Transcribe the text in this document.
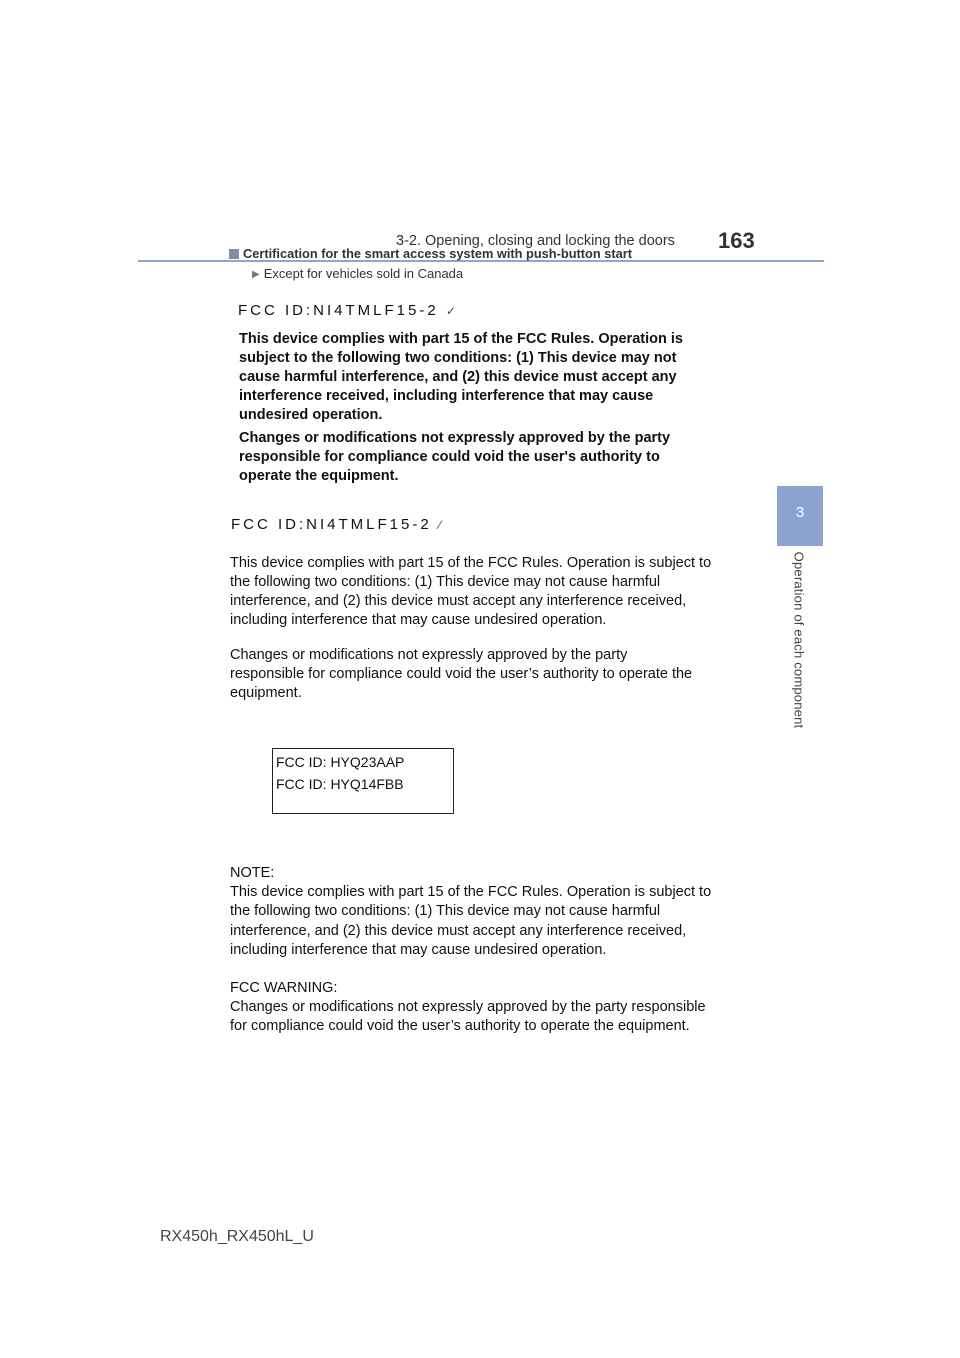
3-2. Opening, closing and locking the doors 163
3
Operation of each component
Certification for the smart access system with push-button start
▶ Except for vehicles sold in Canada
FCC ID:NI4TMLF15-2 ✓

This device complies with part 15 of the FCC Rules. Operation is subject to the following two conditions: (1) This device may not cause harmful interference, and (2) this device must accept any interference received, including interference that may cause undesired operation.

Changes or modifications not expressly approved by the party responsible for compliance could void the user's authority to operate the equipment.

FCC ID:NI4TMLF15-2 ⁄

This device complies with part 15 of the FCC Rules. Operation is subject to the following two conditions: (1) This device may not cause harmful interference, and (2) this device must accept any interference received, including interference that may cause undesired operation.

Changes or modifications not expressly approved by the party responsible for compliance could void the user’s authority to operate the equipment.

FCC ID: HYQ23AAP
FCC ID: HYQ14FBB

NOTE:

This device complies with part 15 of the FCC Rules. Operation is subject to the following two conditions: (1) This device may not cause harmful interference, and (2) this device must accept any interference received, including interference that may cause undesired operation.

FCC WARNING:

Changes or modifications not expressly approved by the party responsible for compliance could void the user’s authority to operate the equipment.

RX450h_RX450hL_U
